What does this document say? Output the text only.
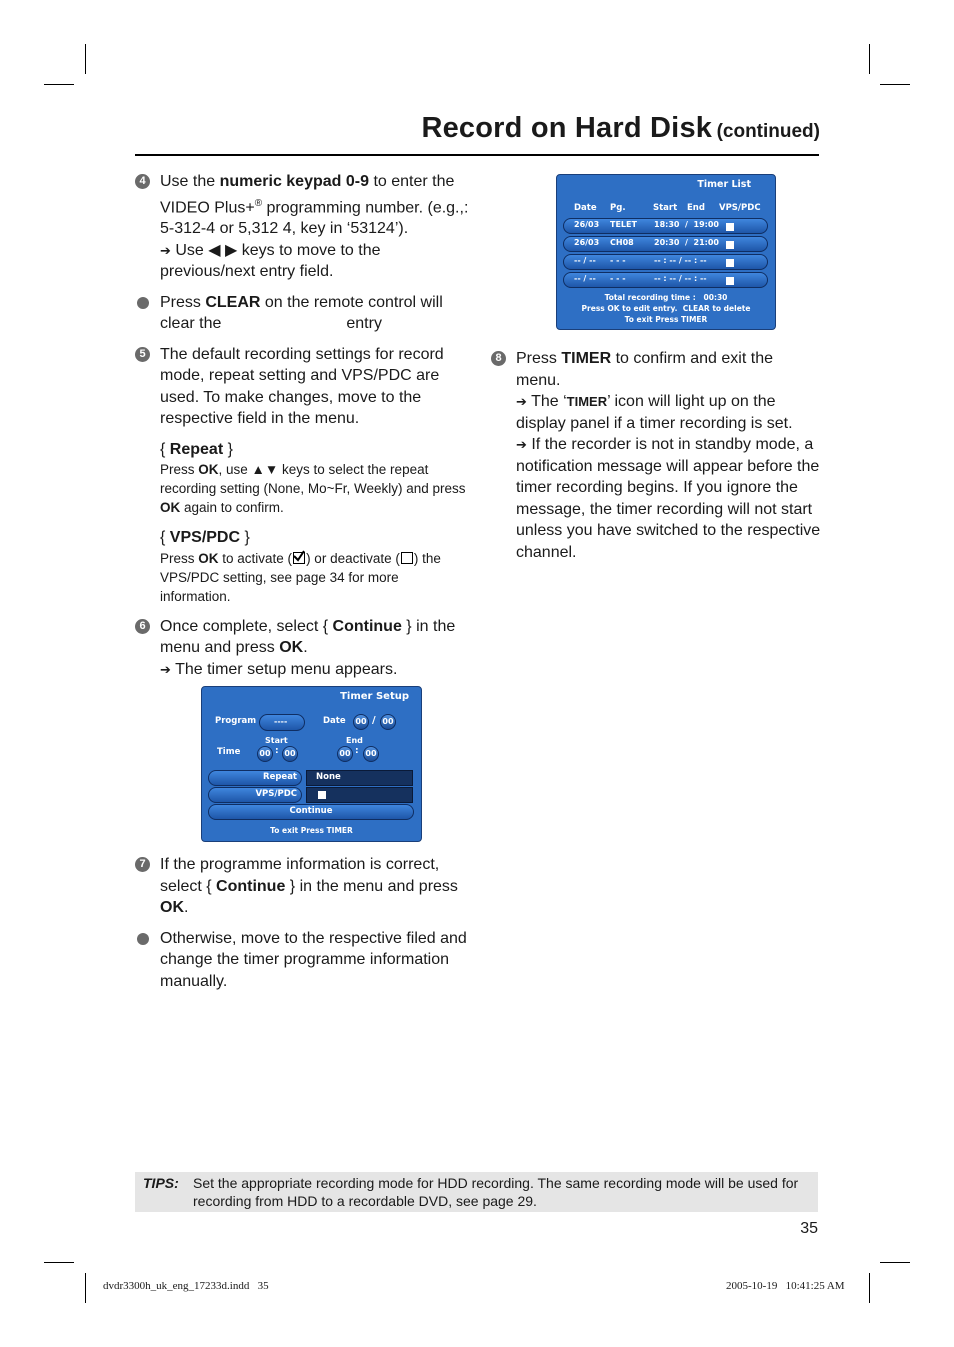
Record on Hard Disk (continued)
4 Use the numeric keypad 0-9 to enter the VIDEO Plus+® programming number. (e.g.,: 5-312-4 or 5,312 4, key in ‘53124’).
➔ Use ◀ ▶ keys to move to the previous/next entry field.
Press CLEAR on the remote control will clear the	entry
5 The default recording settings for record mode, repeat setting and VPS/PDC are used. To make changes, move to the respective field in the menu.
{ Repeat }
Press OK, use ▲▼ keys to select the repeat recording setting (None, Mo~Fr, Weekly) and press OK again to confirm.
{ VPS/PDC }
Press OK to activate ( ) or deactivate ( ) the VPS/PDC setting, see page 34 for more information.
6 Once complete, select { Continue } in the menu and press OK.
➔ The timer setup menu appears.
Timer Setup
Program ----	Date	00 / 00
Start	End
Time	00 : 00	00 : 00
Repeat None
VPS/PDC
Continue
To exit Press TIMER
7 If the programme information is correct, select { Continue } in the menu and press OK.
Otherwise, move to the respective filed and change the timer programme information manually.
Timer List
Date Pg.	Start End VPS/PDC
26/03 TELET 18:30  /  19:00
26/03 CH08	20:30  /  21:00
-- / -- - - -	-- : -- / -- : --
-- / -- - - -	-- : -- / -- : --
Total recording time :   00:30
Press OK to edit entry.  CLEAR to delete
To exit Press TIMER
8 Press TIMER to confirm and exit the menu.
➔ The ‘TIMER’ icon will light up on the display panel if a timer recording is set.
➔ If the recorder is not in standby mode, a notification message will appear before the timer recording begins. If you ignore the message, the timer recording will not start unless you have switched to the respective channel.
TIPS: Set the appropriate recording mode for HDD recording. The same recording mode will be used for recording from HDD to a recordable DVD, see page 29.
35
dvdr3300h_uk_eng_17233d.indd   35	2005-10-19   10:41:25 AM
